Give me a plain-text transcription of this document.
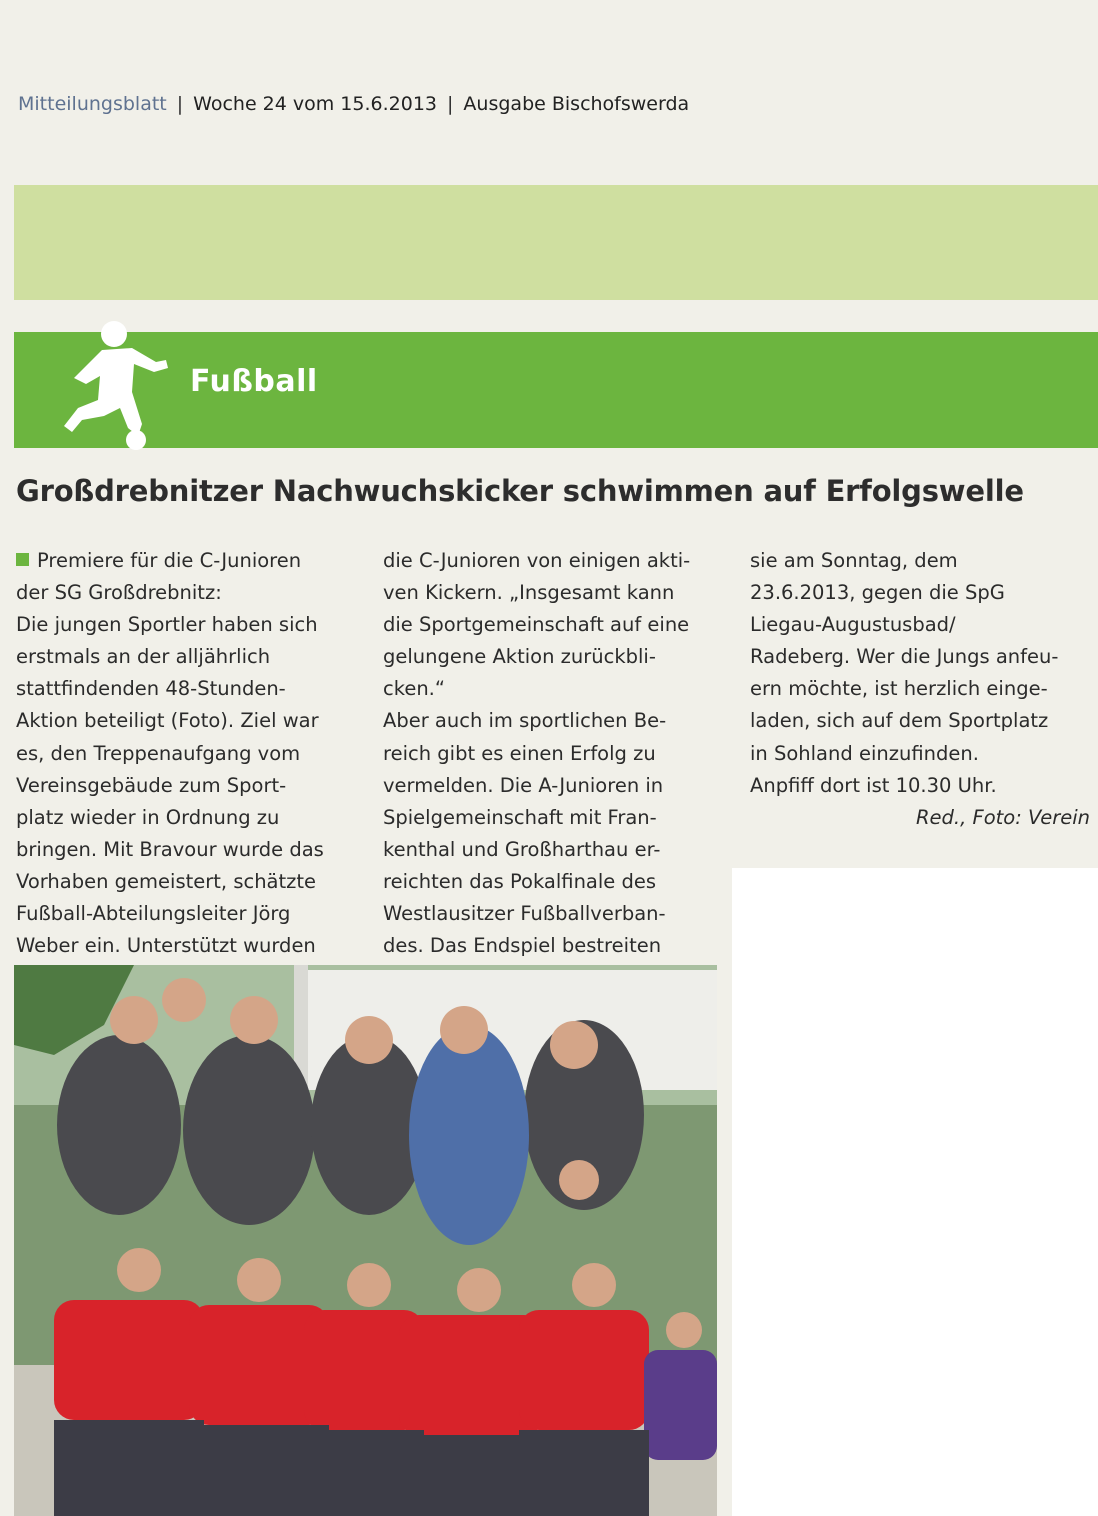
Mitteilungsblatt | Woche 24 vom 15.6.2013 | Ausgabe Bischofswerda
Fußball
Großdrebnitzer Nachwuchskicker schwimmen auf Erfolgswelle

Premiere für die C-Junioren

der SG Großdrebnitz:

Die jungen Sportler haben sich

erstmals an der alljährlich

stattfindenden 48-Stunden-

Aktion beteiligt (Foto). Ziel war

es, den Treppenaufgang vom

Vereinsgebäude zum Sport-

platz wieder in Ordnung zu

bringen. Mit Bravour wurde das

Vorhaben gemeistert, schätzte

Fußball-Abteilungsleiter Jörg

Weber ein. Unterstützt wurden

die C-Junioren von einigen akti-

ven Kickern. „Insgesamt kann

die Sportgemeinschaft auf eine

gelungene Aktion zurückbli-

cken.“

Aber auch im sportlichen Be-

reich gibt es einen Erfolg zu

vermelden. Die A-Junioren in

Spielgemeinschaft mit Fran-

kenthal und Großharthau er-

reichten das Pokalfinale des

Westlausitzer Fußballverban-

des. Das Endspiel bestreiten

sie am Sonntag, dem

23.6.2013, gegen die SpG

Liegau-Augustusbad/

Radeberg. Wer die Jungs anfeu-

ern möchte, ist herzlich einge-

laden, sich auf dem Sportplatz

in Sohland einzufinden.

Anpfiff dort ist 10.30 Uhr.

Red., Foto: Verein
